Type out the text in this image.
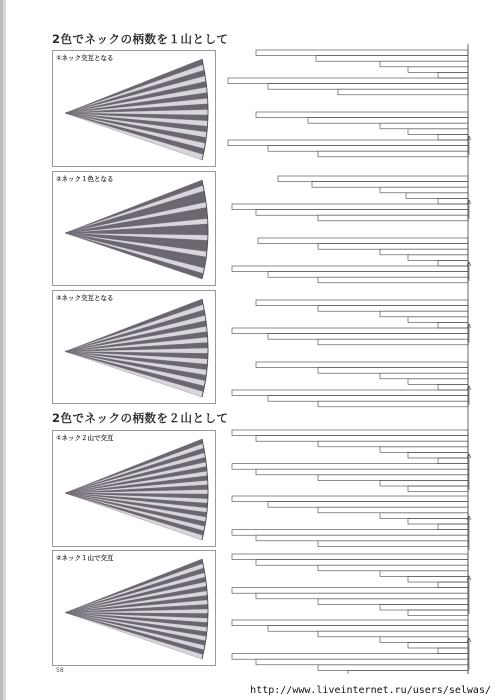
2色でネックの柄数を１山として
2色でネックの柄数を２山として
①ネック交互となる
②ネック１色となる
③ネック交互となる
①ネック２山で交互
②ネック１山で交互
58
http://www.liveinternet.ru/users/selwas/
